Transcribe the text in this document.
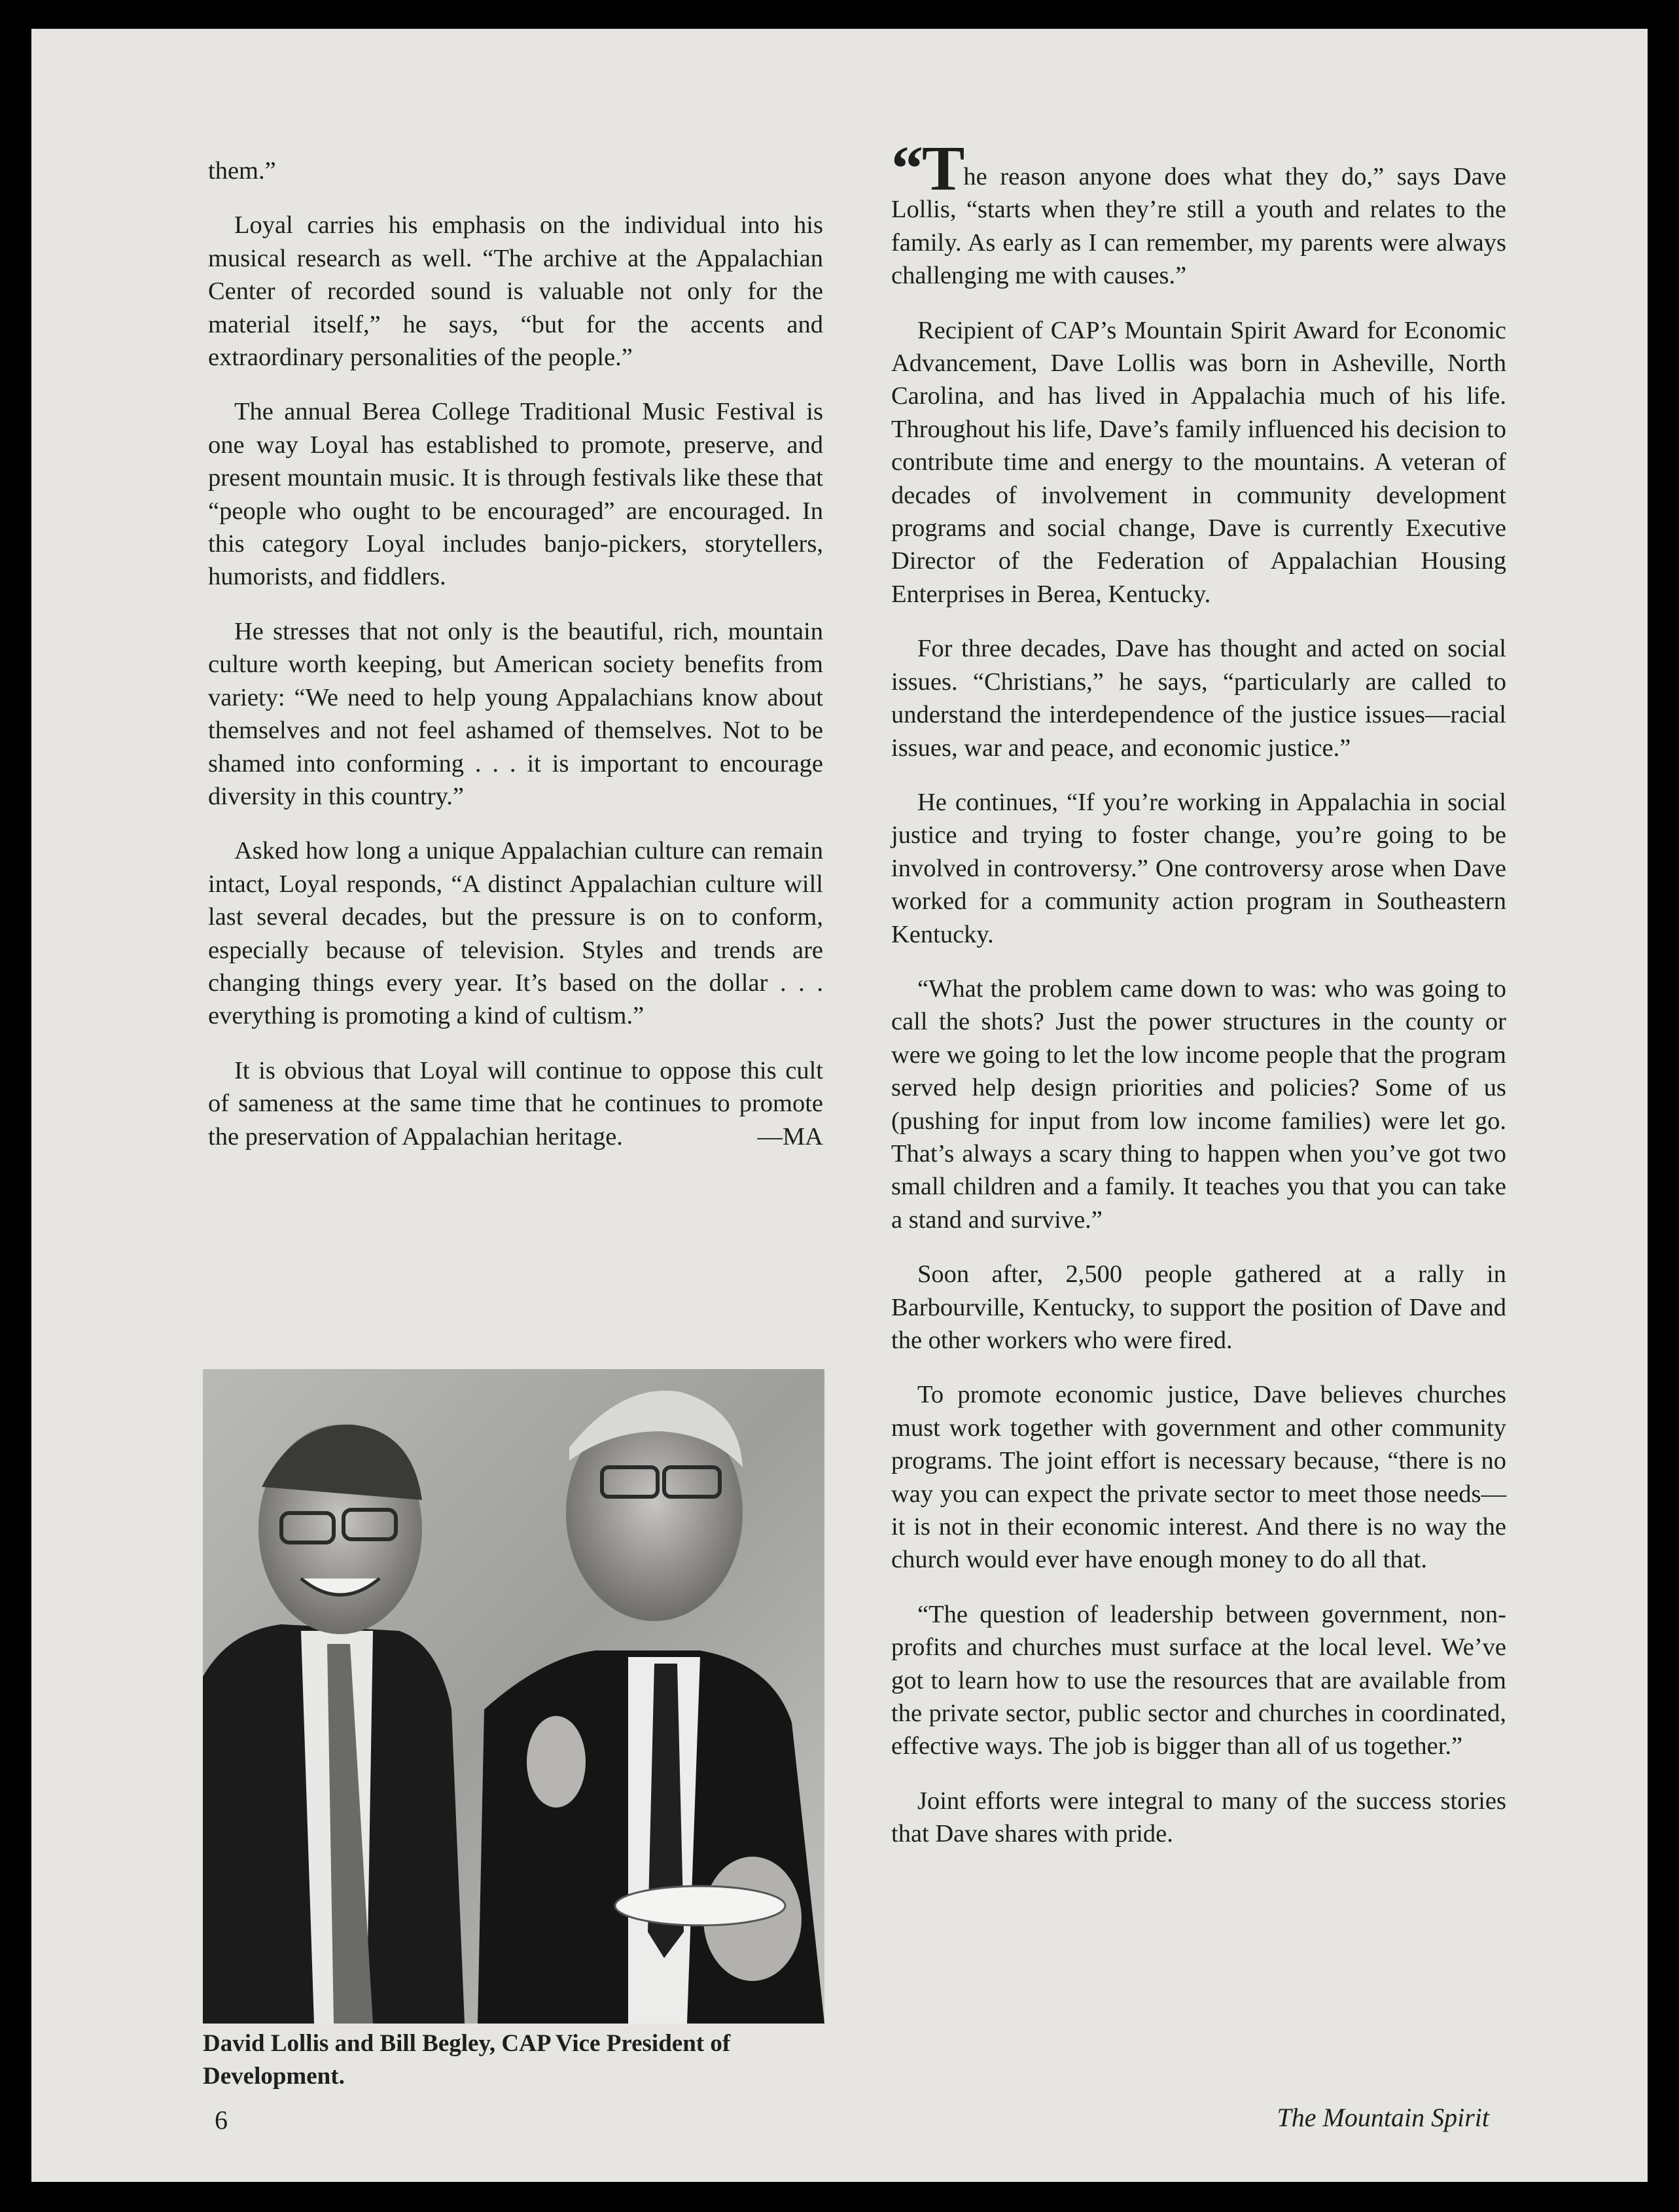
them.”

Loyal carries his emphasis on the individual into his musical research as well. “The archive at the Appalachian Center of recorded sound is valuable not only for the material itself,” he says, “but for the accents and extraordinary personalities of the people.”

The annual Berea College Traditional Music Festival is one way Loyal has established to promote, preserve, and present mountain music. It is through festivals like these that “people who ought to be encouraged” are encouraged. In this category Loyal includes banjo-pickers, storytellers, humorists, and fiddlers.

He stresses that not only is the beautiful, rich, mountain culture worth keeping, but American society benefits from variety: “We need to help young Appalachians know about themselves and not feel ashamed of themselves. Not to be shamed into conforming . . . it is important to encourage diversity in this country.”

Asked how long a unique Appalachian culture can remain intact, Loyal responds, “A distinct Appalachian culture will last several decades, but the pressure is on to conform, especially because of television. Styles and trends are changing things every year. It’s based on the dollar . . . everything is promoting a kind of cultism.”

It is obvious that Loyal will continue to oppose this cult of sameness at the same time that he continues to promote the preservation of Appalachian heritage.	—MA

David Lollis and Bill Begley, CAP Vice President of Development.

“The reason anyone does what they do,” says Dave Lollis, “starts when they’re still a youth and relates to the family. As early as I can remember, my parents were always challenging me with causes.”

Recipient of CAP’s Mountain Spirit Award for Economic Advancement, Dave Lollis was born in Asheville, North Carolina, and has lived in Appalachia much of his life. Throughout his life, Dave’s family influenced his decision to contribute time and energy to the mountains. A veteran of decades of involvement in community development programs and social change, Dave is currently Executive Director of the Federation of Appalachian Housing Enterprises in Berea, Kentucky.

For three decades, Dave has thought and acted on social issues. “Christians,” he says, “particularly are called to understand the interdependence of the justice issues—racial issues, war and peace, and economic justice.”

He continues, “If you’re working in Appalachia in social justice and trying to foster change, you’re going to be involved in controversy.” One controversy arose when Dave worked for a community action program in Southeastern Kentucky.

“What the problem came down to was: who was going to call the shots? Just the power structures in the county or were we going to let the low income people that the program served help design priorities and policies? Some of us (pushing for input from low income families) were let go. That’s always a scary thing to happen when you’ve got two small children and a family. It teaches you that you can take a stand and survive.”

Soon after, 2,500 people gathered at a rally in Barbourville, Kentucky, to support the position of Dave and the other workers who were fired.

To promote economic justice, Dave believes churches must work together with government and other community programs. The joint effort is necessary because, “there is no way you can expect the private sector to meet those needs—it is not in their economic interest. And there is no way the church would ever have enough money to do all that.

“The question of leadership between government, non-profits and churches must surface at the local level. We’ve got to learn how to use the resources that are available from the private sector, public sector and churches in coordinated, effective ways. The job is bigger than all of us together.”

Joint efforts were integral to many of the success stories that Dave shares with pride.

6	The Mountain Spirit
